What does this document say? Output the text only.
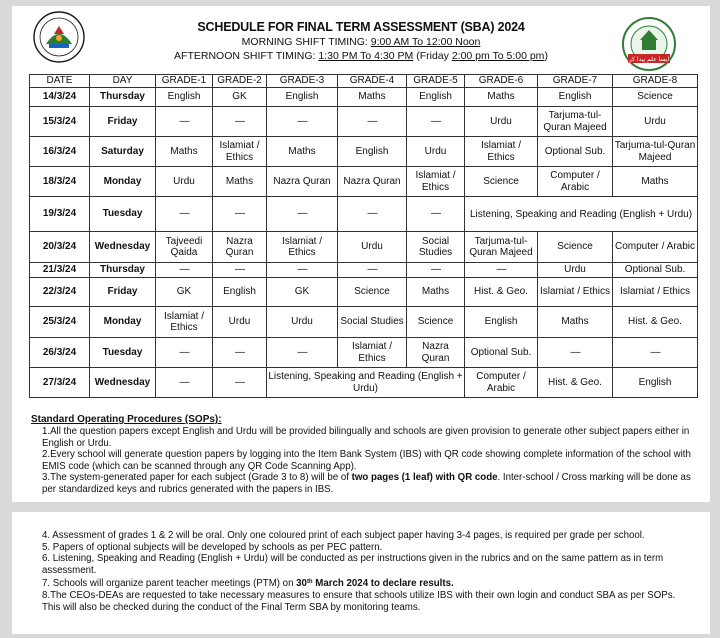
ایسا علم پیدا کر
SCHEDULE FOR FINAL TERM ASSESSMENT (SBA) 2024
MORNING SHIFT TIMING: 9:00 AM To 12:00 Noon
AFTERNOON SHIFT TIMING: 1:30 PM To 4:30 PM (Friday 2:00 pm To 5:00 pm)
DATE	DAY	GRADE-1	GRADE-2	GRADE-3	GRADE-4	GRADE-5	GRADE-6	GRADE-7	GRADE-8
14/3/24	Thursday	English	GK	English	Maths	English	Maths	English	Science
15/3/24	Friday	—	—	—	—	—	Urdu	Tarjuma-tul-Quran Majeed	Urdu
16/3/24	Saturday	Maths	Islamiat / Ethics	Maths	English	Urdu	Islamiat / Ethics	Optional Sub.	Tarjuma-tul-Quran Majeed
18/3/24	Monday	Urdu	Maths	Nazra Quran	Nazra Quran	Islamiat / Ethics	Science	Computer / Arabic	Maths
19/3/24	Tuesday	—	—	—	—	—	Listening, Speaking and Reading (English + Urdu)		
20/3/24	Wednesday	Tajveedi Qaida	Nazra Quran	Islamiat / Ethics	Urdu	Social Studies	Tarjuma-tul-Quran Majeed	Science	Computer / Arabic
21/3/24	Thursday	—	—	—	—	—	—	Urdu	Optional Sub.
22/3/24	Friday	GK	English	GK	Science	Maths	Hist. & Geo.	Islamiat / Ethics	Islamiat / Ethics
25/3/24	Monday	Islamiat / Ethics	Urdu	Urdu	Social Studies	Science	English	Maths	Hist. & Geo.
26/3/24	Tuesday	—	—	—	Islamiat / Ethics	Nazra Quran	Optional Sub.	—	—
27/3/24	Wednesday	—	—	Listening, Speaking and Reading (English + Urdu)			Computer / Arabic	Hist. & Geo.	English
Standard Operating Procedures (SOPs):
1.All the question papers except English and Urdu will be provided bilingually and schools are given provision to generate other subject papers either in English or Urdu.
2.Every school will generate question papers by logging into the Item Bank System (IBS) with QR code showing complete information of the school with EMIS code (which can be scanned through any QR Code Scanning App).
3.The system-generated paper for each subject (Grade 3 to 8) will be of two pages (1 leaf) with QR code. Inter-school / Cross marking will be done as per standardized keys and rubrics generated with the papers in IBS.
4. Assessment of grades 1 & 2 will be oral. Only one coloured print of each subject paper having 3-4 pages, is required per grade per school.
5. Papers of optional subjects will be developed by schools as per PEC pattern.
6. Listening, Speaking and Reading (English + Urdu) will be conducted as per instructions given in the rubrics and on the same pattern as in term assessment.
7. Schools will organize parent teacher meetings (PTM) on 30th March 2024 to declare results.
8.The CEOs-DEAs are requested to take necessary measures to ensure that schools utilize IBS with their own login and conduct SBA as per SOPs. This will also be checked during the conduct of the Final Term SBA by monitoring teams.
